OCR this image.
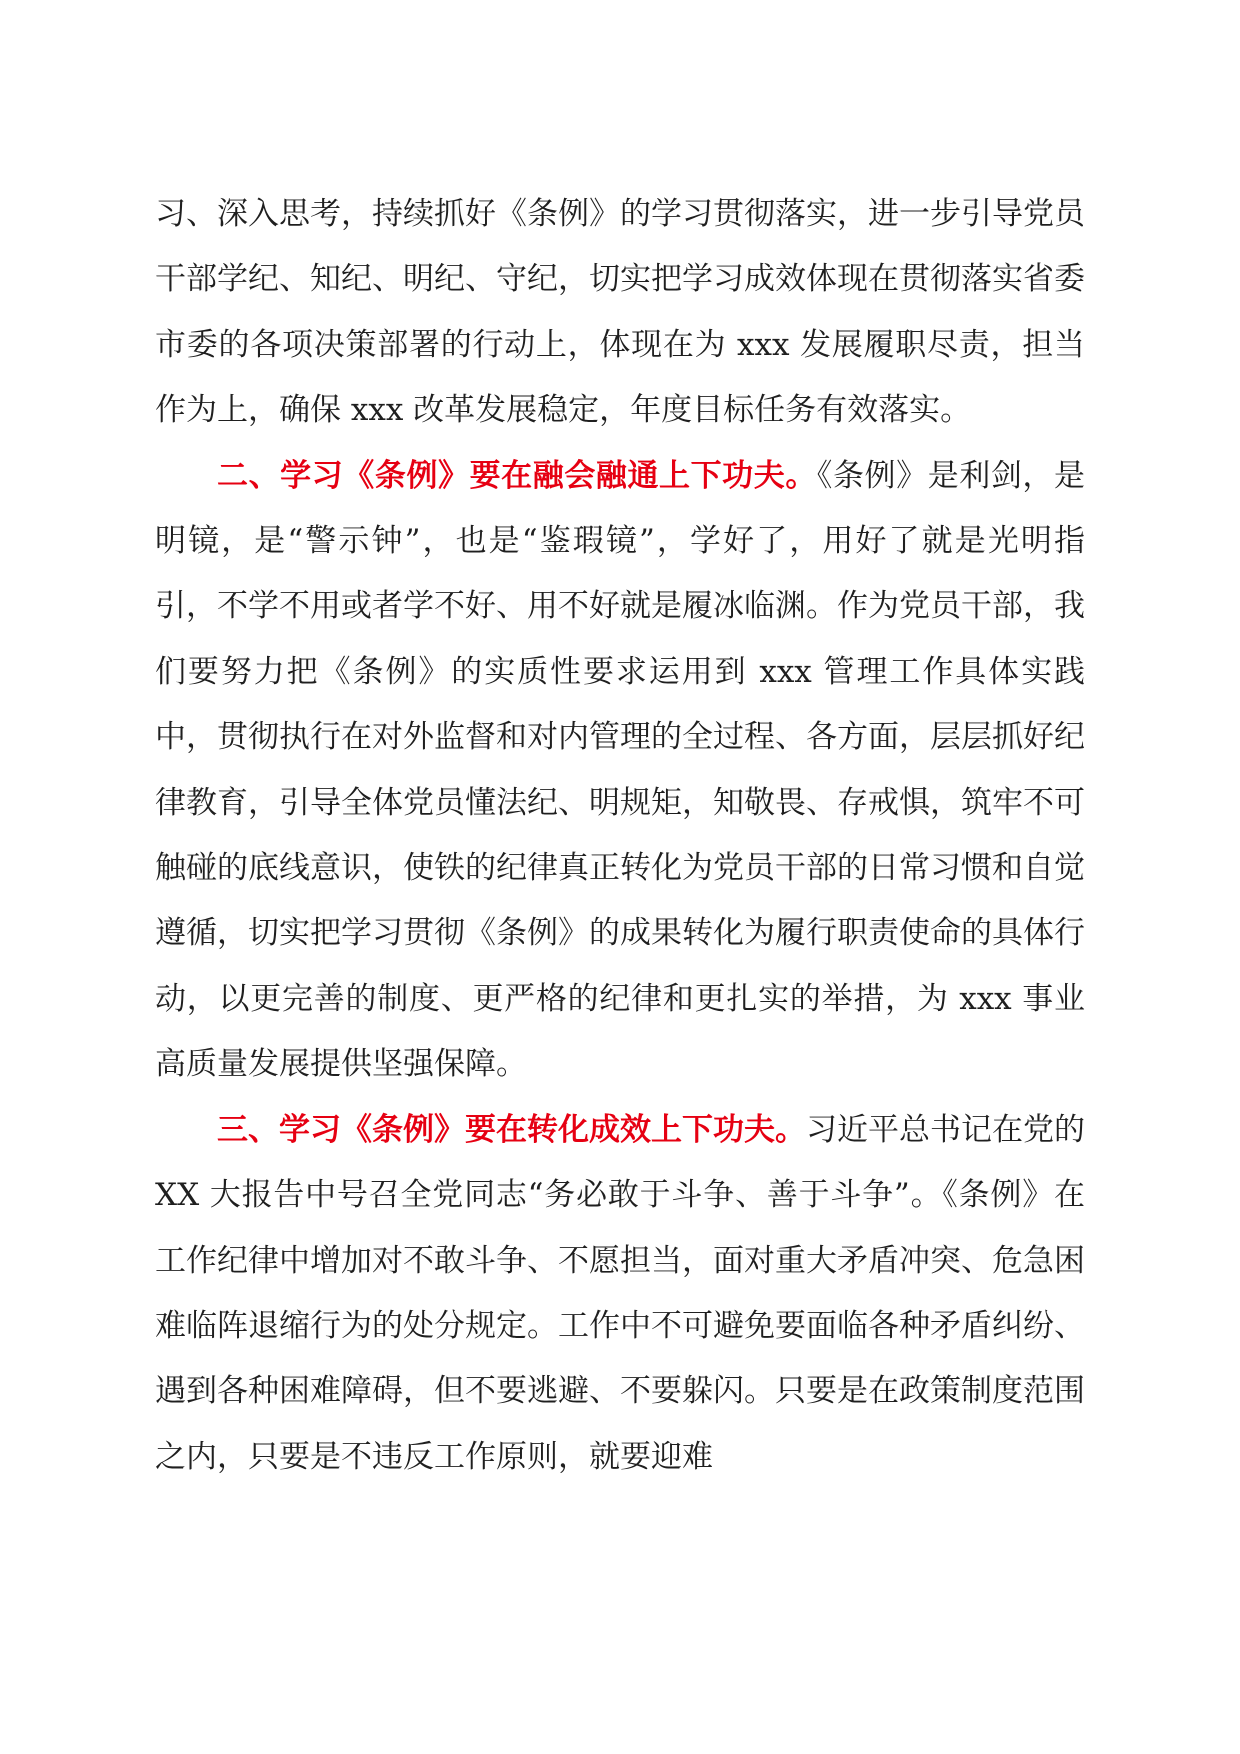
习、深入思考，持续抓好《条例》的学习贯彻落实，进一步引导党员干部学纪、知纪、明纪、守纪，切实把学习成效体现在贯彻落实省委市委的各项决策部署的行动上，体现在为 xxx 发展履职尽责，担当作为上，确保 xxx 改革发展稳定，年度目标任务有效落实。

二、学习《条例》要在融会融通上下功夫。《条例》是利剑，是明镜，是“警示钟”，也是“鉴瑕镜”，学好了，用好了就是光明指引，不学不用或者学不好、用不好就是履冰临渊。作为党员干部，我们要努力把《条例》的实质性要求运用到 xxx 管理工作具体实践中，贯彻执行在对外监督和对内管理的全过程、各方面，层层抓好纪律教育，引导全体党员懂法纪、明规矩，知敬畏、存戒惧，筑牢不可触碰的底线意识，使铁的纪律真正转化为党员干部的日常习惯和自觉遵循，切实把学习贯彻《条例》的成果转化为履行职责使命的具体行动，以更完善的制度、更严格的纪律和更扎实的举措，为 xxx 事业高质量发展提供坚强保障。

三、学习《条例》要在转化成效上下功夫。习近平总书记在党的 XX 大报告中号召全党同志“务必敢于斗争、善于斗争”。《条例》在工作纪律中增加对不敢斗争、不愿担当，面对重大矛盾冲突、危急困难临阵退缩行为的处分规定。工作中不可避免要面临各种矛盾纠纷、遇到各种困难障碍，但不要逃避、不要躲闪。只要是在政策制度范围之内，只要是不违反工作原则，就要迎难
